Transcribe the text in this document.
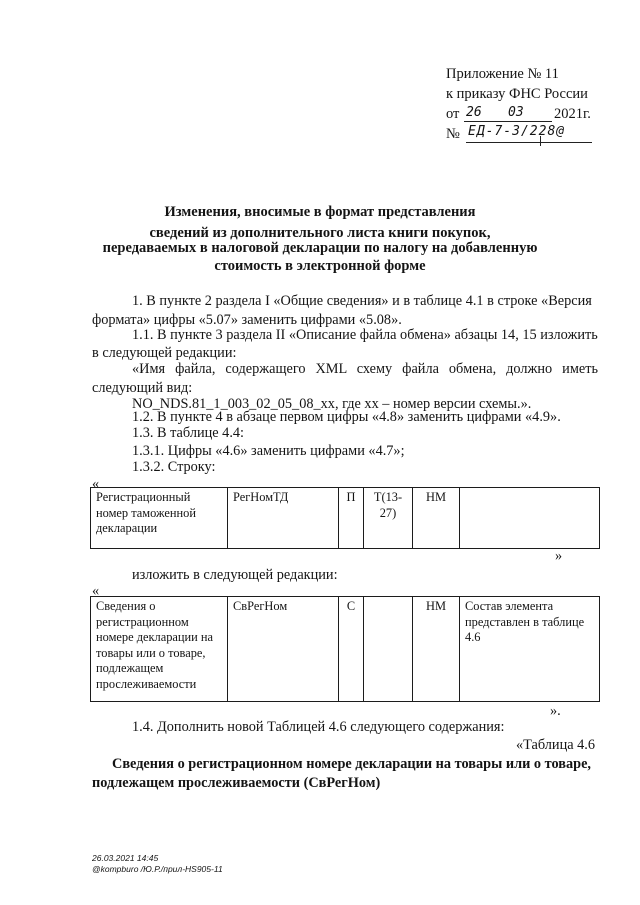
Приложение № 11
к приказу ФНС России
от 26 03 2021г.
№ ЕД-7-3/228@
Изменения, вносимые в формат представления
сведений из дополнительного листа книги покупок,
передаваемых в налоговой декларации по налогу на добавленную
стоимость в электронной форме
1. В пункте 2 раздела I «Общие сведения» и в таблице 4.1 в строке «Версия
формата» цифры «5.07» заменить цифрами «5.08».
1.1. В пункте 3 раздела II «Описание файла обмена» абзацы 14, 15 изложить
в следующей редакции:
«Имя файла, содержащего XML схему файла обмена, должно иметь
следующий вид:
NO_NDS.81_1_003_02_05_08_xx, где xx – номер версии схемы.».
1.2. В пункте 4 в абзаце первом цифры «4.8» заменить цифрами «4.9».
1.3. В таблице 4.4:
1.3.1. Цифры «4.6» заменить цифрами «4.7»;
1.3.2. Строку:
«
Регистрационный номер таможенной декларации	РегНомТД	П	Т(13-27)	НМ	
»
изложить в следующей редакции:
«
Сведения о регистрационном номере декларации на товары или о товаре, подлежащем прослеживаемости	СвРегНом	С		НМ	Состав элемента представлен в таблице 4.6
».
1.4. Дополнить новой Таблицей 4.6 следующего содержания:
«Таблица 4.6
Сведения о регистрационном номере декларации на товары или о товаре,
подлежащем прослеживаемости (СвРегНом)
26.03.2021 14:45
@kompburo /Ю.Р./прил-НS905-11
